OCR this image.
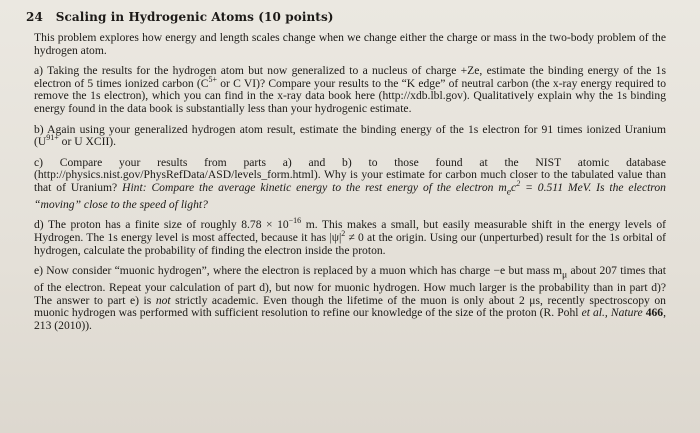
24 Scaling in Hydrogenic Atoms (10 points)

This problem explores how energy and length scales change when we change either the charge or mass in the two-body problem of the hydrogen atom.

a) Taking the results for the hydrogen atom but now generalized to a nucleus of charge +Ze, estimate the binding energy of the 1s electron of 5 times ionized carbon ($C^{5+}$ or C VI)? Compare your results to the “K edge” of neutral carbon (the x-ray energy required to remove the 1s electron), which you can find in the x-ray data book here (http://xdb.lbl.gov). Qualitatively explain why the 1s binding energy found in the data book is substantially less than your hydrogenic estimate.

b) Again using your generalized hydrogen atom result, estimate the binding energy of the 1s electron for 91 times ionized Uranium ($U^{91+}$ or U XCII).

c) Compare your results from parts a) and b) to those found at the NIST atomic database (http://physics.nist.gov/PhysRefData/ASD/levels_form.html). Why is your estimate for carbon much closer to the tabulated value than that of Uranium? Hint: Compare the average kinetic energy to the rest energy of the electron $m_ec^2 = 0.511$ MeV. Is the electron “moving” close to the speed of light?

d) The proton has a finite size of roughly $8.78 \times 10^{-16}$ m. This makes a small, but easily measurable shift in the energy levels of Hydrogen. The 1s energy level is most affected, because it has $|\psi|^2 \ne 0$ at the origin. Using our (unperturbed) result for the 1s orbital of hydrogen, calculate the probability of finding the electron inside the proton.

e) Now consider “muonic hydrogen”, where the electron is replaced by a muon which has charge −e but mass $m_\mu$ about 207 times that of the electron. Repeat your calculation of part d), but now for muonic hydrogen. How much larger is the probability than in part d)? The answer to part e) is not strictly academic. Even though the lifetime of the muon is only about 2 μs, recently spectroscopy on muonic hydrogen was performed with sufficient resolution to refine our knowledge of the size of the proton (R. Pohl et al., Nature 466, 213 (2010)).
